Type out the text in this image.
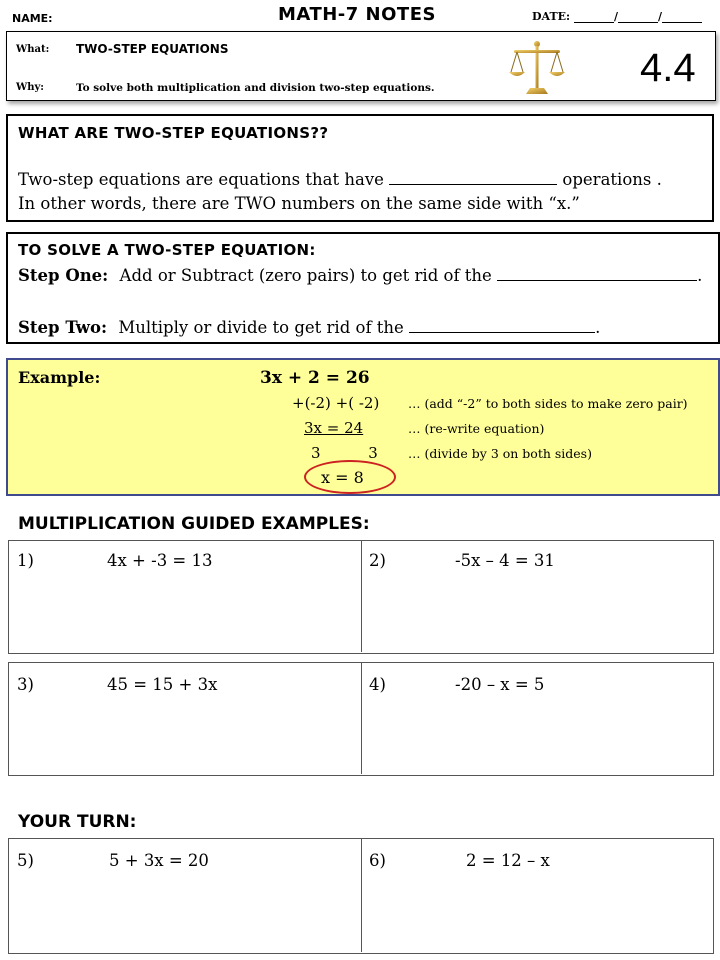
NAME:	MATH-7 NOTES	DATE:	/	/
What: TWO-STEP EQUATIONS
Why:	To solve both multiplication and division two-step equations.	4.4
WHAT ARE TWO-STEP EQUATIONS??
Two-step equations are equations that have	operations .
In other words, there are TWO numbers on the same side with “x.”
TO SOLVE A TWO-STEP EQUATION:
Step One: Add or Subtract (zero pairs) to get rid of the	.
Step Two: Multiply or divide to get rid of the	.
Example:	3x + 2 = 26
+(-2) +( -2) … (add “-2” to both sides to make zero pair)
3x = 24	… (re-write equation)
3          3 … (divide by 3 on both sides)
x = 8
MULTIPLICATION GUIDED EXAMPLES:
1)	4x + -3 = 13	2)	-5x – 4 = 31
3)	45 = 15 + 3x	4)	-20 – x = 5
YOUR TURN:
5)	5 + 3x = 20	6)	2 = 12 – x
